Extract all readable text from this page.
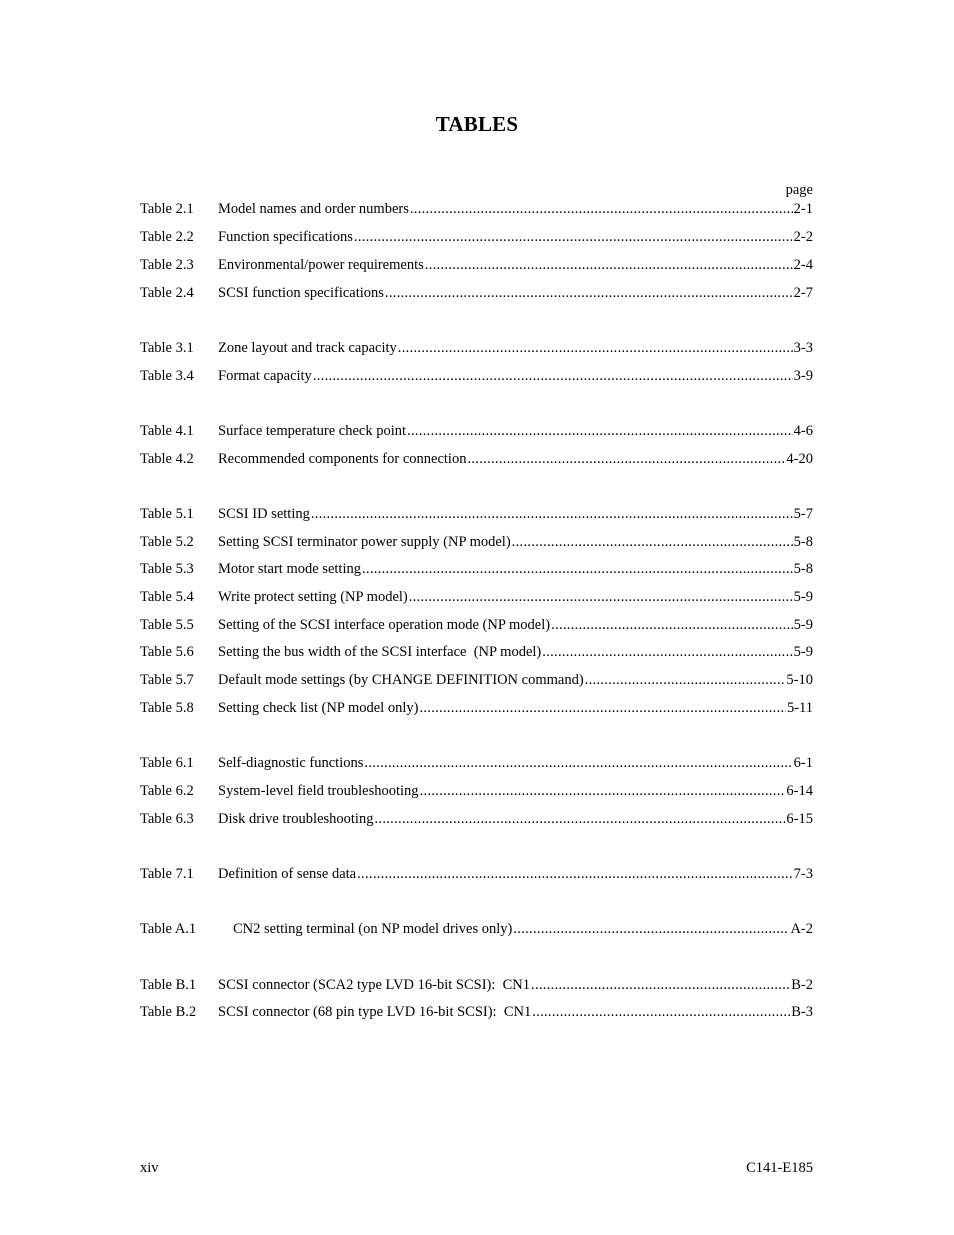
TABLES
page
Table 2.1	Model names and order numbers .....	2-1
Table 2.2	Function specifications .....	2-2
Table 2.3	Environmental/power requirements .....	2-4
Table 2.4	SCSI function specifications .....	2-7
Table 3.1	Zone layout and track capacity .....	3-3
Table 3.4	Format capacity .....	3-9
Table 4.1	Surface temperature check point .....	4-6
Table 4.2	Recommended components for connection .....	4-20
Table 5.1	SCSI ID setting .....	5-7
Table 5.2	Setting SCSI terminator power supply (NP model) .....	5-8
Table 5.3	Motor start mode setting .....	5-8
Table 5.4	Write protect setting (NP model) .....	5-9
Table 5.5	Setting of the SCSI interface operation mode (NP model) .....	5-9
Table 5.6	Setting the bus width of the SCSI interface  (NP model) .....	5-9
Table 5.7	Default mode settings (by CHANGE DEFINITION command) .....	5-10
Table 5.8	Setting check list (NP model only) .....	5-11
Table 6.1	Self-diagnostic functions .....	6-1
Table 6.2	System-level field troubleshooting .....	6-14
Table 6.3	Disk drive troubleshooting .....	6-15
Table 7.1	Definition of sense data .....	7-3
Table A.1	CN2 setting terminal (on NP model drives only) .....	A-2
Table B.1	SCSI connector (SCA2 type LVD 16-bit SCSI):  CN1 .....	B-2
Table B.2	SCSI connector (68 pin type LVD 16-bit SCSI):  CN1 .....	B-3
xiv	C141-E185
